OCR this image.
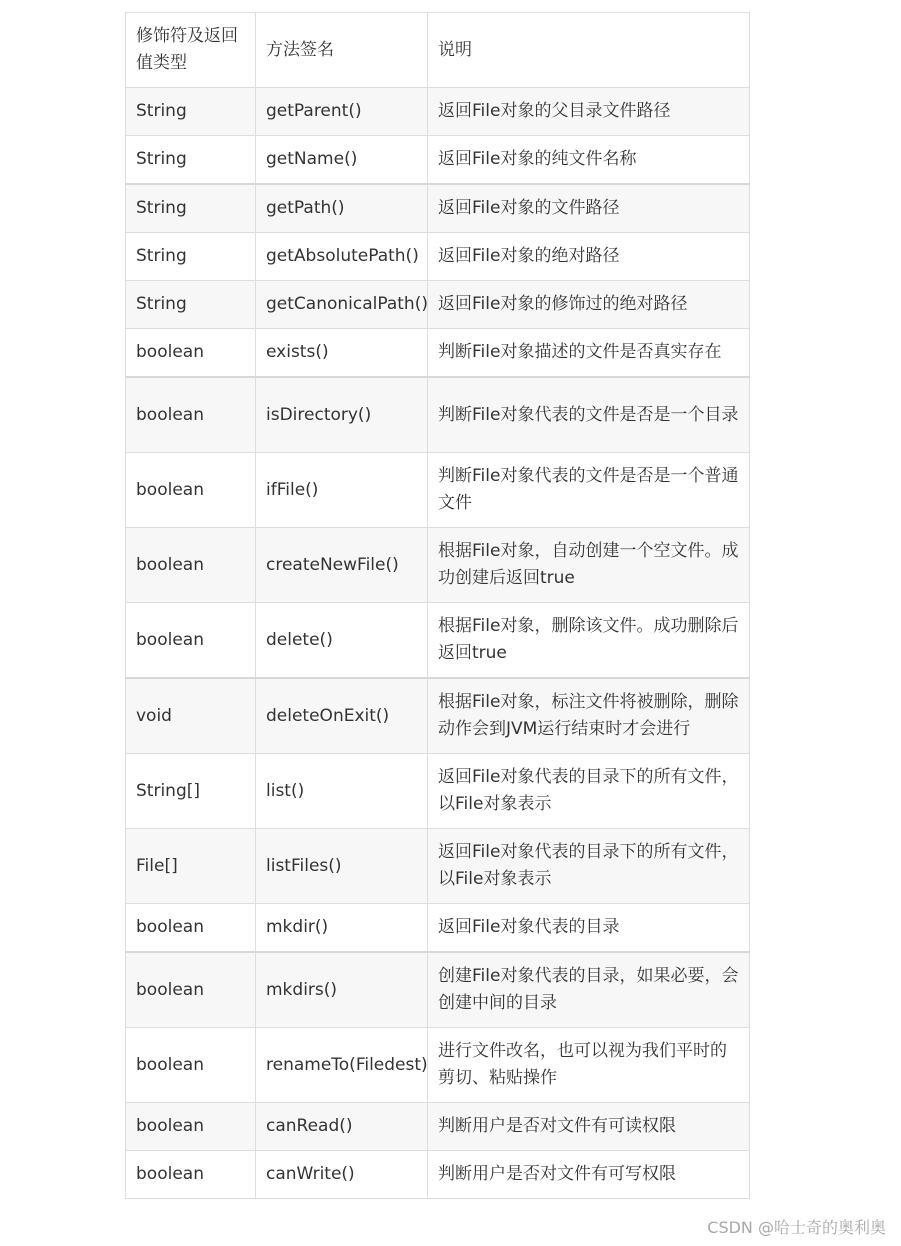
修饰符及返回值类型	方法签名	说明
String	getParent()	返回File对象的父目录文件路径
String	getName()	返回File对象的纯文件名称
String	getPath()	返回File对象的文件路径
String	getAbsolutePath()	返回File对象的绝对路径
String	getCanonicalPath()	返回File对象的修饰过的绝对路径
boolean	exists()	判断File对象描述的文件是否真实存在
boolean	isDirectory()	判断File对象代表的文件是否是一个目录
boolean	ifFile()	判断File对象代表的文件是否是一个普通文件
boolean	createNewFile()	根据File对象，自动创建一个空文件。成功创建后返回true
boolean	delete()	根据File对象，删除该文件。成功删除后返回true
void	deleteOnExit()	根据File对象，标注文件将被删除，删除动作会到JVM运行结束时才会进行
String[]	list()	返回File对象代表的目录下的所有文件，以File对象表示
File[]	listFiles()	返回File对象代表的目录下的所有文件，以File对象表示
boolean	mkdir()	返回File对象代表的目录
boolean	mkdirs()	创建File对象代表的目录，如果必要，会创建中间的目录
boolean	renameTo(Filedest)	进行文件改名，也可以视为我们平时的剪切、粘贴操作
boolean	canRead()	判断用户是否对文件有可读权限
boolean	canWrite()	判断用户是否对文件有可写权限
CSDN @哈士奇的奥利奥
